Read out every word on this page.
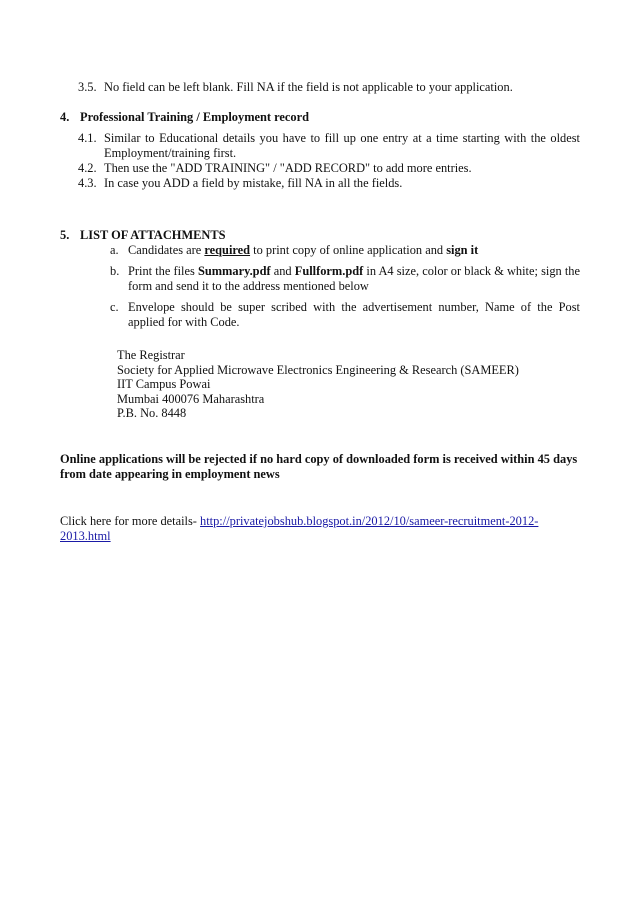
3.5. No field can be left blank. Fill NA if the field is not applicable to your application.
4. Professional Training / Employment record
4.1. Similar to Educational details you have to fill up one entry at a time starting with the oldest Employment/training first.
4.2. Then use the "ADD TRAINING" / "ADD RECORD" to add more entries.
4.3. In case you ADD a field by mistake, fill NA in all the fields.
5. LIST OF ATTACHMENTS
a. Candidates are required to print copy of online application and sign it
b. Print the files Summary.pdf and Fullform.pdf in A4 size, color or black & white; sign the form and send it to the address mentioned below
c. Envelope should be super scribed with the advertisement number, Name of the Post applied for with Code.
The Registrar
Society for Applied Microwave Electronics Engineering & Research (SAMEER)
IIT Campus Powai
Mumbai 400076 Maharashtra
P.B. No. 8448
Online applications will be rejected if no hard copy of downloaded form is received within 45 days from date appearing in employment news
Click here for more details- http://privatejobshub.blogspot.in/2012/10/sameer-recruitment-2012-2013.html
